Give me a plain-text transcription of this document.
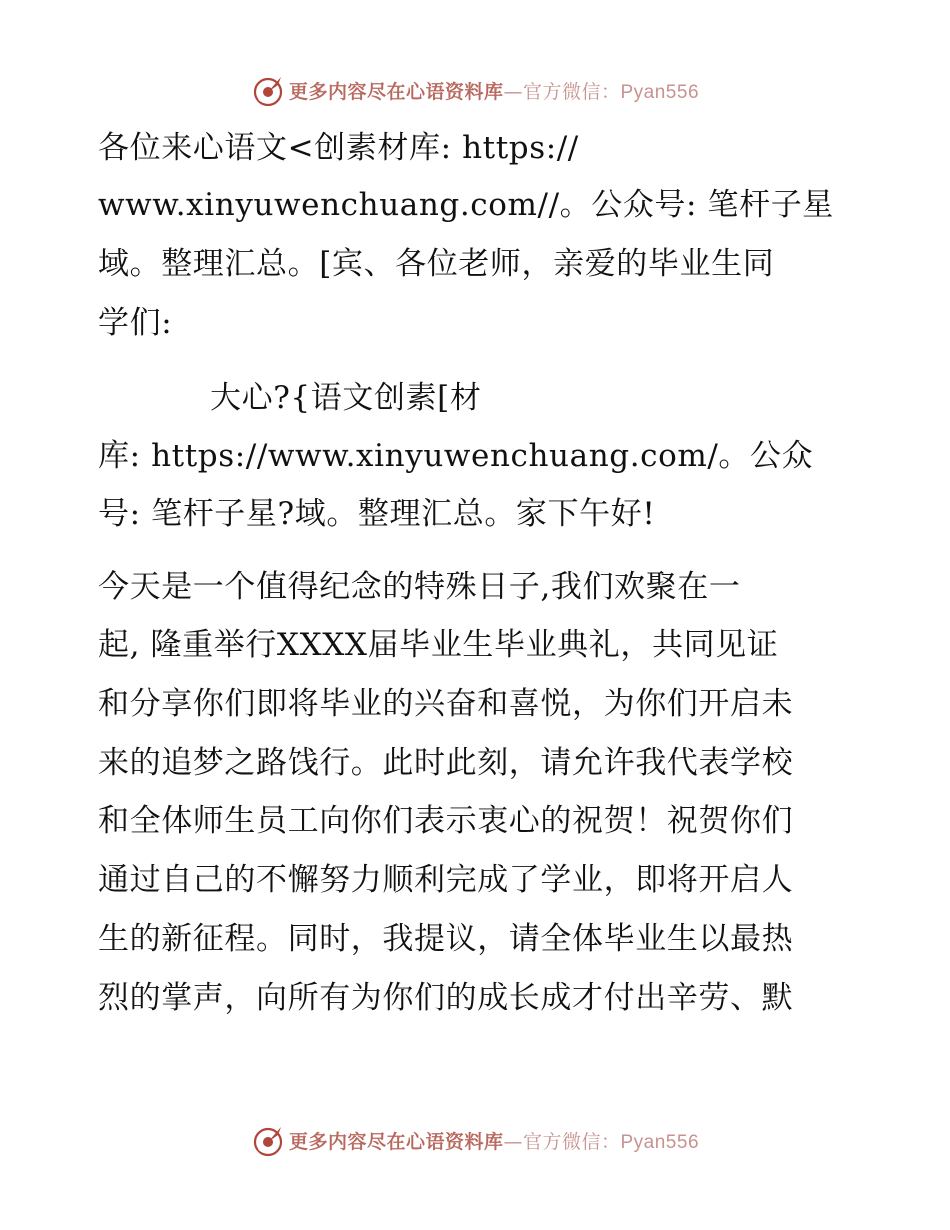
更多内容尽在心语资料库—官方微信：Pyan556
各位来心语文<创素材库: https://
www.xinyuwenchuang.com//。公众号: 笔杆子星
域。整理汇总。[宾、各位老师，亲爱的毕业生同
学们:
大心?{语文创素[材
库: https://www.xinyuwenchuang.com/。公众
号: 笔杆子星?域。整理汇总。家下午好!
今天是一个值得纪念的特殊日子,我们欢聚在一
起, 隆重举行XXXX届毕业生毕业典礼，共同见证
和分享你们即将毕业的兴奋和喜悦，为你们开启未
来的追梦之路饯行。此时此刻，请允许我代表学校
和全体师生员工向你们表示衷心的祝贺！祝贺你们
通过自己的不懈努力顺利完成了学业，即将开启人
生的新征程。同时，我提议，请全体毕业生以最热
烈的掌声，向所有为你们的成长成才付出辛劳、默
更多内容尽在心语资料库—官方微信：Pyan556
